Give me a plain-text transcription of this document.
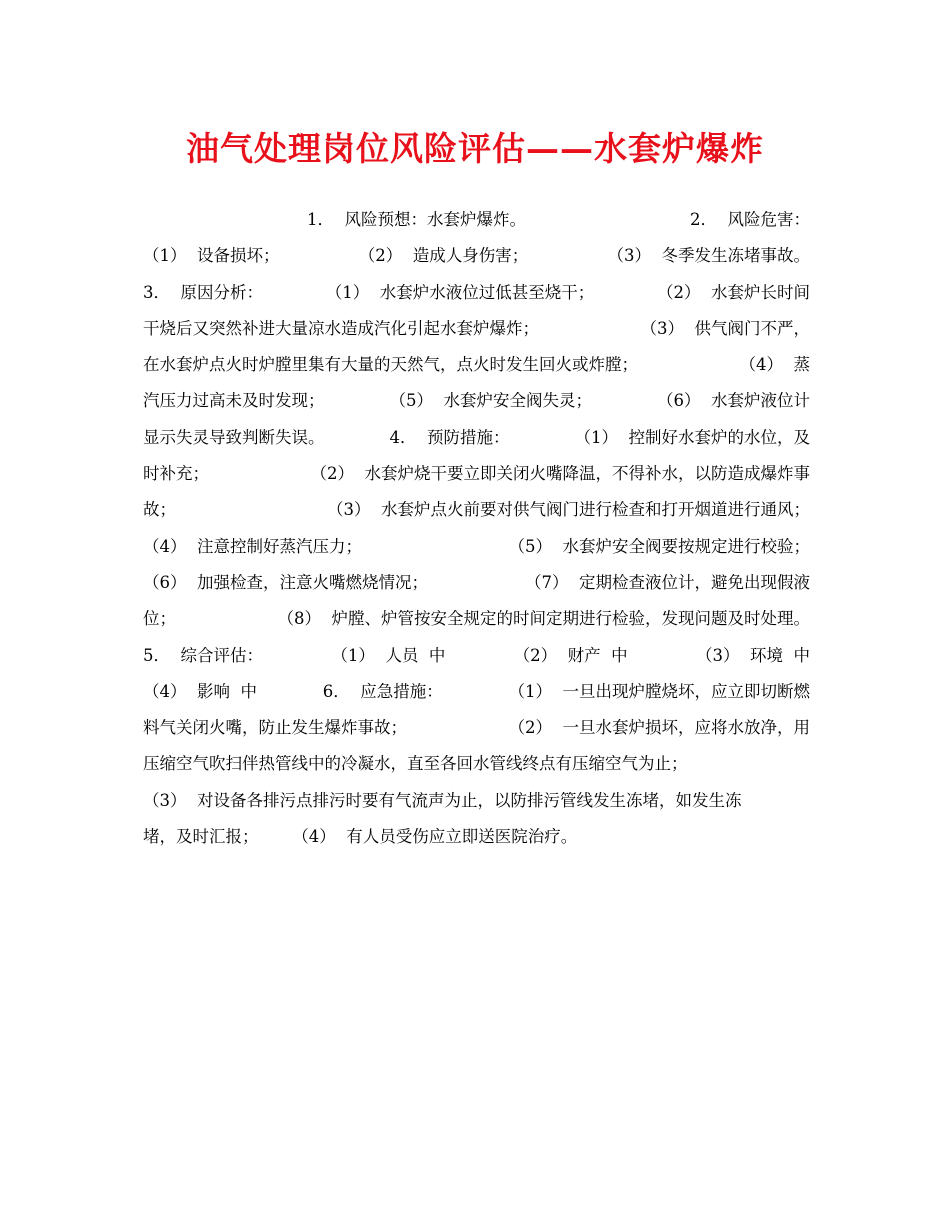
油气处理岗位风险评估——水套炉爆炸
1．  风险预想：水套炉爆炸。	2．  风险危害：
（1）  设备损坏；	（2）  造成人身伤害；	（3）  冬季发生冻堵事故。
3．  原因分析：	（1）  水套炉水液位过低甚至烧干；	（2）  水套炉长时间
干烧后又突然补进大量凉水造成汽化引起水套炉爆炸；	（3）  供气阀门不严，
在水套炉点火时炉膛里集有大量的天然气，点火时发生回火或炸膛；	（4）  蒸
汽压力过高未及时发现；	（5）  水套炉安全阀失灵；	（6）  水套炉液位计
显示失灵导致判断失误。	4．  预防措施：	（1）  控制好水套炉的水位，及
时补充；	（2）  水套炉烧干要立即关闭火嘴降温，不得补水，以防造成爆炸事
故；	（3）  水套炉点火前要对供气阀门进行检查和打开烟道进行通风；
（4）  注意控制好蒸汽压力；	（5）  水套炉安全阀要按规定进行校验；
（6）  加强检查，注意火嘴燃烧情况；	（7）  定期检查液位计，避免出现假液
位；	（8）  炉膛、炉管按安全规定的时间定期进行检验，发现问题及时处理。
5．  综合评估：	（1）  人员  中	（2）  财产  中	（3）  环境  中
（4）  影响  中	6．  应急措施：	（1）  一旦出现炉膛烧坏，应立即切断燃
料气关闭火嘴，防止发生爆炸事故；	（2）  一旦水套炉损坏，应将水放净，用
压缩空气吹扫伴热管线中的冷凝水，直至各回水管线终点有压缩空气为止；
（3）  对设备各排污点排污时要有气流声为止，以防排污管线发生冻堵，如发生冻
堵，及时汇报；	（4）  有人员受伤应立即送医院治疗。
